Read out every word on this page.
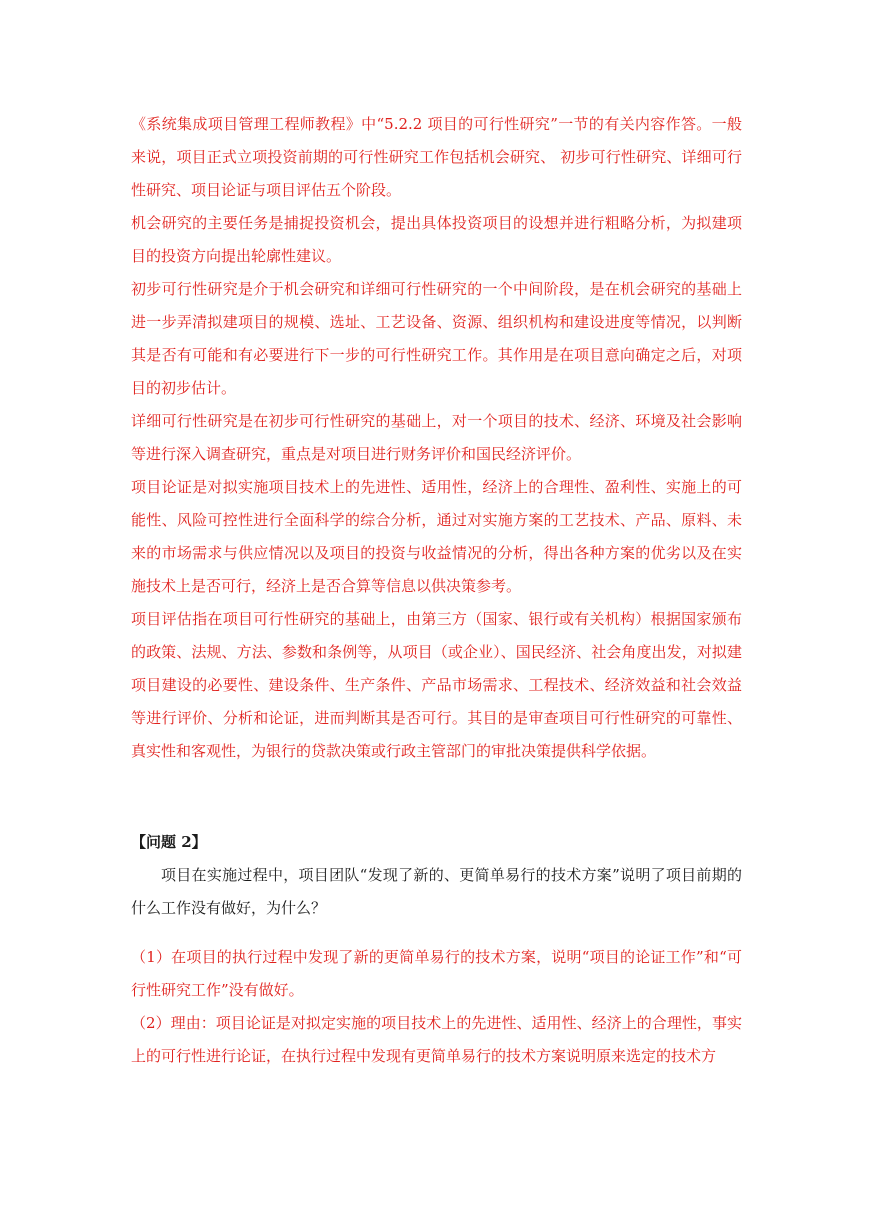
《系统集成项目管理工程师教程》中“5.2.2 项目的可行性研究”一节的有关内容作答。一般来说，项目正式立项投资前期的可行性研究工作包括机会研究、 初步可行性研究、详细可行性研究、项目论证与项目评估五个阶段。

机会研究的主要任务是捕捉投资机会，提出具体投资项目的设想并进行粗略分析，为拟建项目的投资方向提出轮廓性建议。

初步可行性研究是介于机会研究和详细可行性研究的一个中间阶段，是在机会研究的基础上进一步弄清拟建项目的规模、选址、工艺设备、资源、组织机构和建设进度等情况，以判断其是否有可能和有必要进行下一步的可行性研究工作。其作用是在项目意向确定之后，对项目的初步估计。

详细可行性研究是在初步可行性研究的基础上，对一个项目的技术、经济、环境及社会影响等进行深入调查研究，重点是对项目进行财务评价和国民经济评价。

项目论证是对拟实施项目技术上的先进性、适用性，经济上的合理性、盈利性、实施上的可能性、风险可控性进行全面科学的综合分析，通过对实施方案的工艺技术、产品、原料、未来的市场需求与供应情况以及项目的投资与收益情况的分析，得出各种方案的优劣以及在实施技术上是否可行，经济上是否合算等信息以供决策参考。

项目评估指在项目可行性研究的基础上，由第三方（国家、银行或有关机构）根据国家颁布的政策、法规、方法、参数和条例等，从项目（或企业）、国民经济、社会角度出发，对拟建项目建设的必要性、建设条件、生产条件、产品市场需求、工程技术、经济效益和社会效益等进行评价、分析和论证，进而判断其是否可行。其目的是审查项目可行性研究的可靠性、真实性和客观性，为银行的贷款决策或行政主管部门的审批决策提供科学依据。

【问题 2】

项目在实施过程中，项目团队“发现了新的、更简单易行的技术方案”说明了项目前期的什么工作没有做好，为什么？

（1）在项目的执行过程中发现了新的更简单易行的技术方案，说明“项目的论证工作”和“可行性研究工作”没有做好。

（2）理由：项目论证是对拟定实施的项目技术上的先进性、适用性、经济上的合理性，事实上的可行性进行论证，在执行过程中发现有更简单易行的技术方案说明原来选定的技术方
